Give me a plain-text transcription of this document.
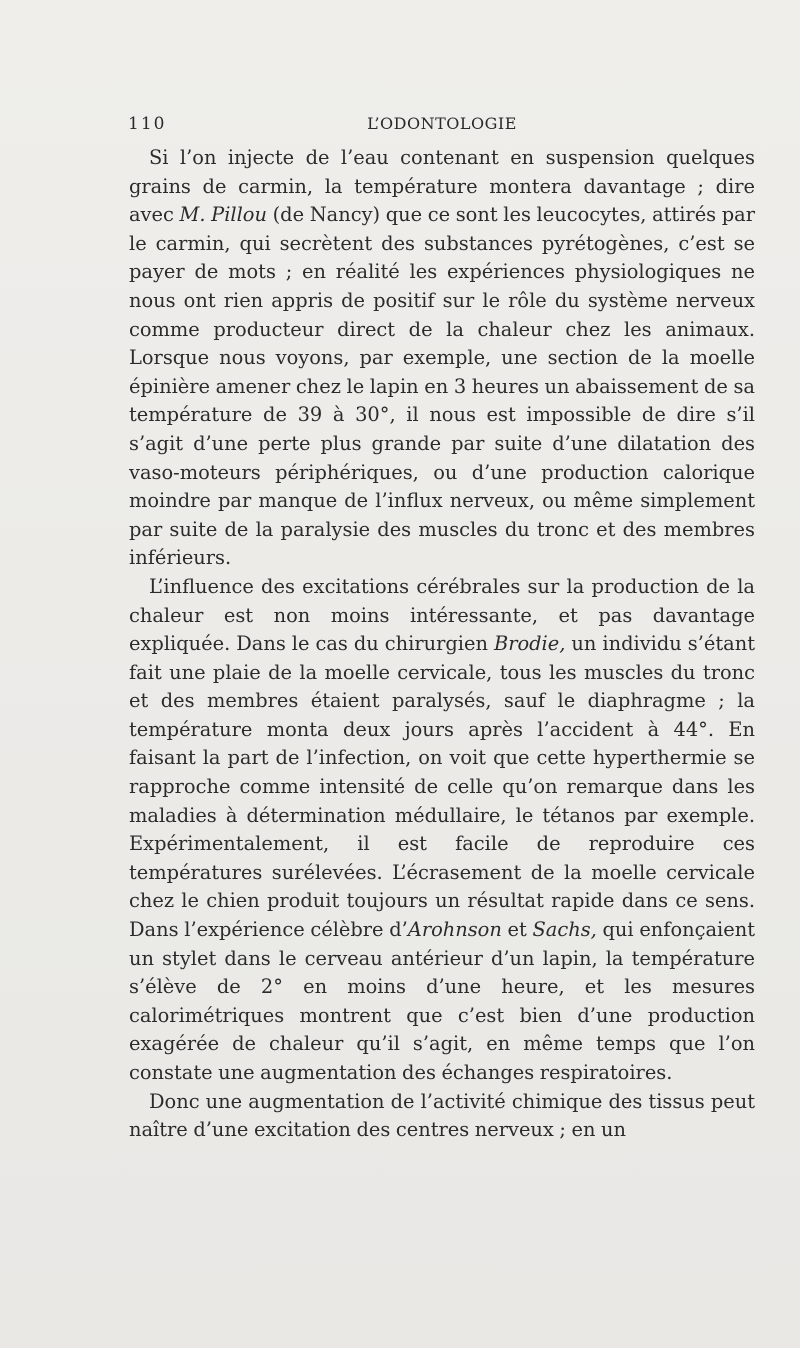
110	L’ODONTOLOGIE

Si l’on injecte de l’eau contenant en suspension quelques grains de carmin, la température montera davantage ; dire avec M. Pillou (de Nancy) que ce sont les leucocytes, attirés par le carmin, qui secrètent des substances pyrétogènes, c’est se payer de mots ; en réalité les expériences physiologiques ne nous ont rien appris de positif sur le rôle du système nerveux comme producteur direct de la chaleur chez les animaux. Lorsque nous voyons, par exemple, une section de la moelle épinière amener chez le lapin en 3 heures un abaissement de sa température de 39 à 30°, il nous est impossible de dire s’il s’agit d’une perte plus grande par suite d’une dilatation des vaso-moteurs périphériques, ou d’une production calorique moindre par manque de l’influx nerveux, ou même simplement par suite de la paralysie des muscles du tronc et des membres inférieurs.

L’influence des excitations cérébrales sur la production de la chaleur est non moins intéressante, et pas davantage expliquée. Dans le cas du chirurgien Brodie, un individu s’étant fait une plaie de la moelle cervicale, tous les muscles du tronc et des membres étaient paralysés, sauf le diaphragme ; la température monta deux jours après l’accident à 44°. En faisant la part de l’infection, on voit que cette hyperthermie se rapproche comme intensité de celle qu’on remarque dans les maladies à détermination médullaire, le tétanos par exemple. Expérimentalement, il est facile de reproduire ces températures surélevées. L’écrasement de la moelle cervicale chez le chien produit toujours un résultat rapide dans ce sens. Dans l’expérience célèbre d’Arohnson et Sachs, qui enfonçaient un stylet dans le cerveau antérieur d’un lapin, la température s’élève de 2° en moins d’une heure, et les mesures calorimétriques montrent que c’est bien d’une production exagérée de chaleur qu’il s’agit, en même temps que l’on constate une augmentation des échanges respiratoires.

Donc une augmentation de l’activité chimique des tissus peut naître d’une excitation des centres nerveux ; en un
